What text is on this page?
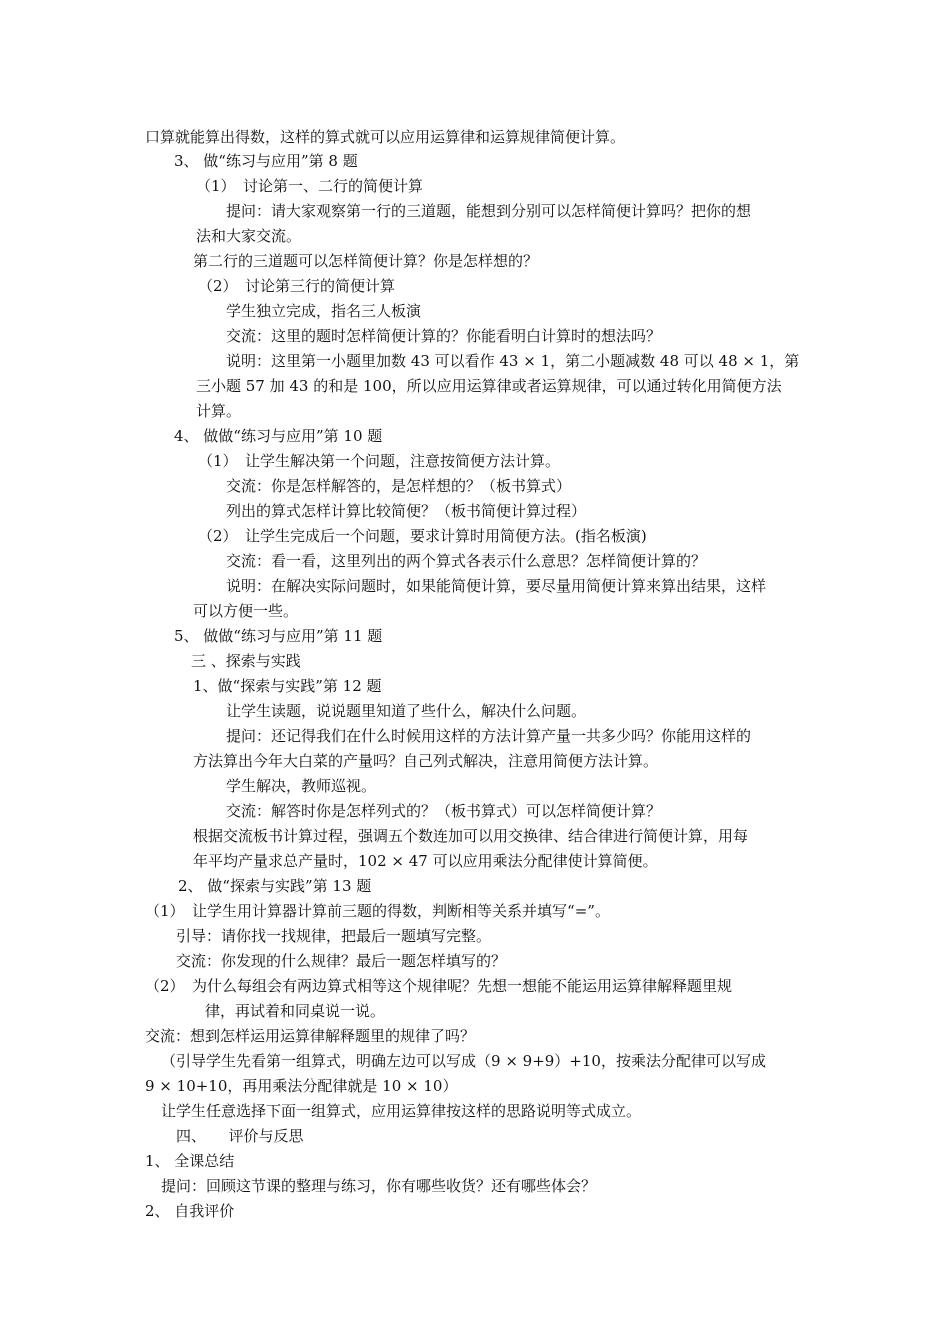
口算就能算出得数，这样的算式就可以应用运算律和运算规律简便计算。
3、 做“练习与应用”第 8 题
（1）　讨论第一、二行的简便计算
提问：请大家观察第一行的三道题，能想到分别可以怎样简便计算吗？把你的想
法和大家交流。
第二行的三道题可以怎样简便计算？你是怎样想的？
（2）　讨论第三行的简便计算
学生独立完成，指名三人板演
交流：这里的题时怎样简便计算的？你能看明白计算时的想法吗？
说明：这里第一小题里加数 43 可以看作 43 × 1，第二小题减数 48 可以 48 × 1，第
三小题 57 加 43 的和是 100，所以应用运算律或者运算规律，可以通过转化用简便方法
计算。
4、 做做“练习与应用”第 10 题
（1）　让学生解决第一个问题，注意按简便方法计算。
交流：你是怎样解答的，是怎样想的？（板书算式）
列出的算式怎样计算比较简便？（板书简便计算过程）
（2）　让学生完成后一个问题，要求计算时用简便方法。(指名板演)
交流：看一看，这里列出的两个算式各表示什么意思？怎样简便计算的？
说明：在解决实际问题时，如果能简便计算，要尽量用简便计算来算出结果，这样
可以方便一些。
5、 做做“练习与应用”第 11 题
三 、探索与实践
1、做“探索与实践”第 12 题
让学生读题，说说题里知道了些什么，解决什么问题。
提问：还记得我们在什么时候用这样的方法计算产量一共多少吗？你能用这样的
方法算出今年大白菜的产量吗？自己列式解决，注意用简便方法计算。
学生解决，教师巡视。
交流：解答时你是怎样列式的？（板书算式）可以怎样简便计算？
根据交流板书计算过程，强调五个数连加可以用交换律、结合律进行简便计算，用每
年平均产量求总产量时，102 × 47 可以应用乘法分配律使计算简便。
2、 做“探索与实践”第 13 题
（1）　让学生用计算器计算前三题的得数，判断相等关系并填写“=”。
引导：请你找一找规律，把最后一题填写完整。
交流：你发现的什么规律？最后一题怎样填写的？
（2）　为什么每组会有两边算式相等这个规律呢？先想一想能不能运用运算律解释题里规
律，再试着和同桌说一说。
交流：想到怎样运用运算律解释题里的规律了吗？
（引导学生先看第一组算式，明确左边可以写成（9 × 9+9）+10，按乘法分配律可以写成
9 × 10+10，再用乘法分配律就是 10 × 10）
让学生任意选择下面一组算式，应用运算律按这样的思路说明等式成立。
四、　　评价与反思
1、 全课总结
提问：回顾这节课的整理与练习，你有哪些收货？还有哪些体会？
2、 自我评价
